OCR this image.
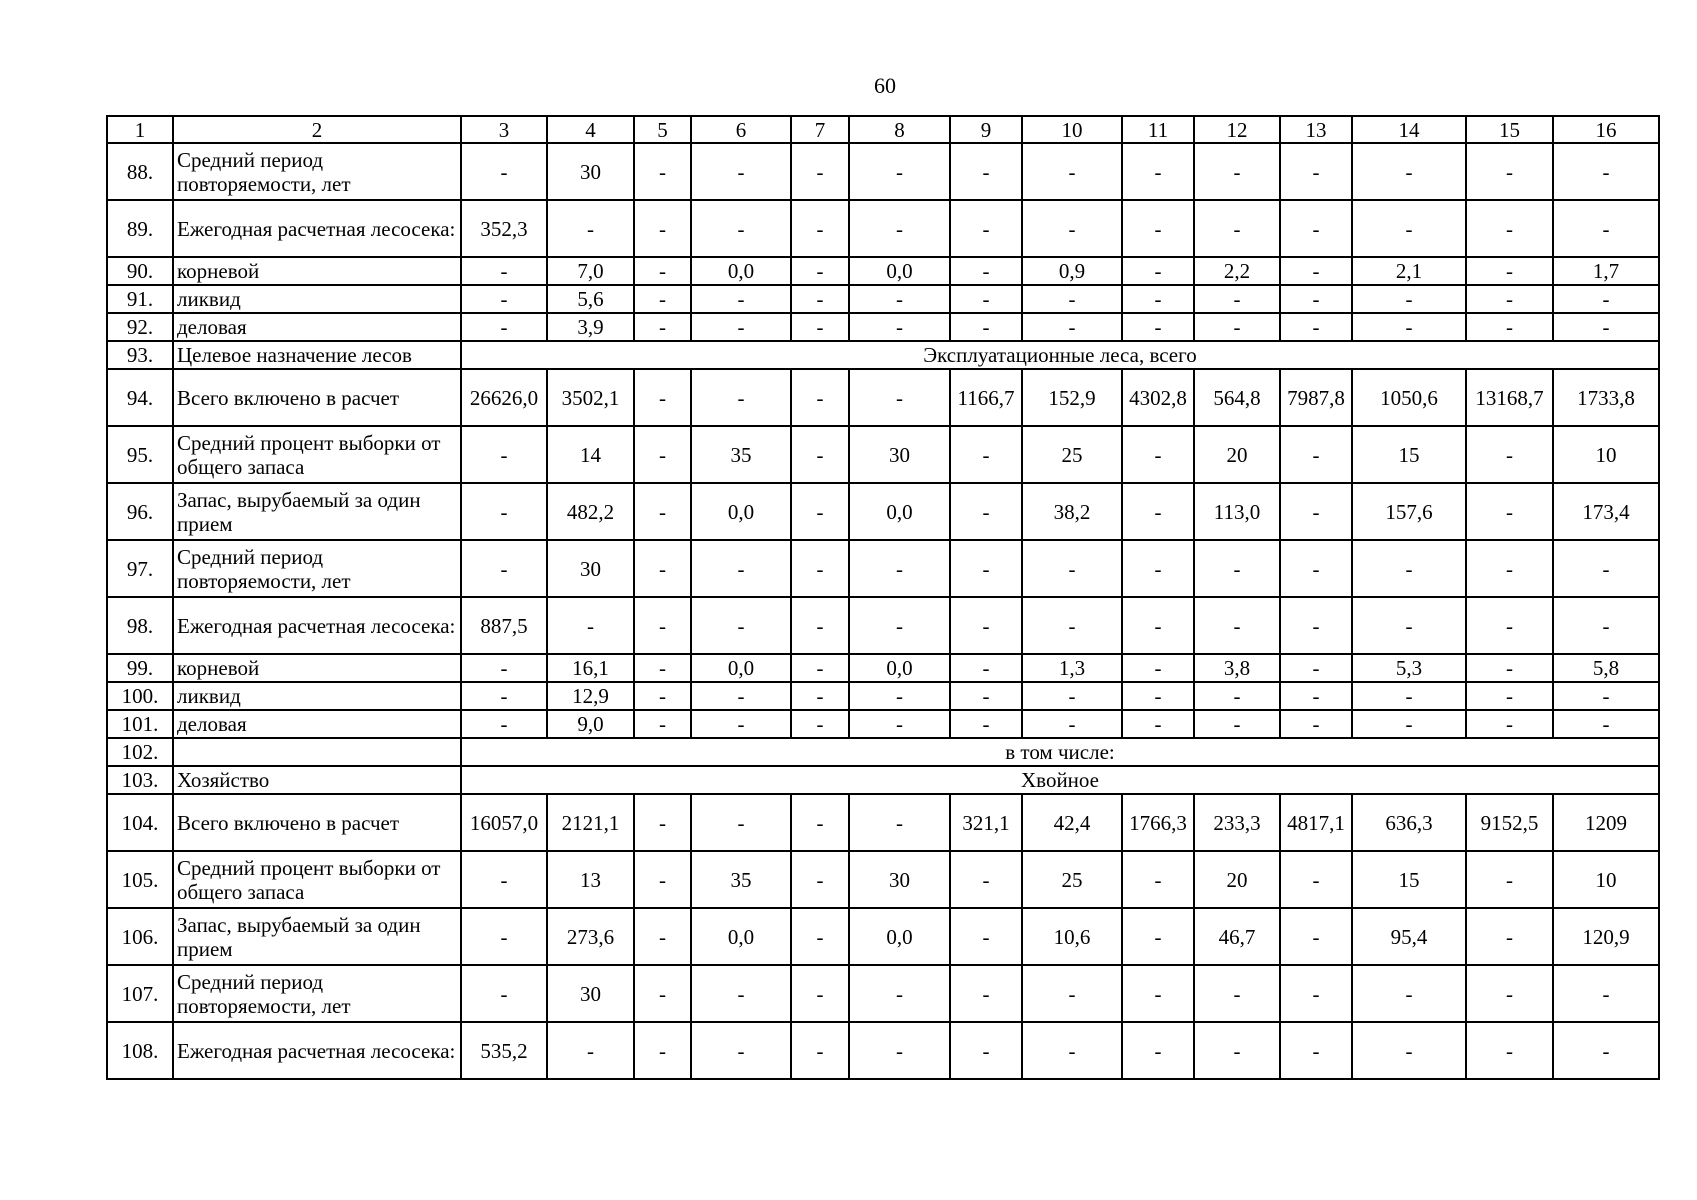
60
1	2	3	4	5	6	7	8	9	10	11	12	13	14	15	16
88.	Средний период повторяемости, лет	-	30	-	-	-	-	-	-	-	-	-	-	-	-
89.	Ежегодная расчетная лесосека:	352,3	-	-	-	-	-	-	-	-	-	-	-	-	-
90.	корневой	-	7,0	-	0,0	-	0,0	-	0,9	-	2,2	-	2,1	-	1,7
91.	ликвид	-	5,6	-	-	-	-	-	-	-	-	-	-	-	-
92.	деловая	-	3,9	-	-	-	-	-	-	-	-	-	-	-	-
93.	Целевое назначение лесов	Эксплуатационные леса, всего													
94.	Всего включено в расчет	26626,0	3502,1	-	-	-	-	1166,7	152,9	4302,8	564,8	7987,8	1050,6	13168,7	1733,8
95.	Средний процент выборки от общего запаса	-	14	-	35	-	30	-	25	-	20	-	15	-	10
96.	Запас, вырубаемый за один прием	-	482,2	-	0,0	-	0,0	-	38,2	-	113,0	-	157,6	-	173,4
97.	Средний период повторяемости, лет	-	30	-	-	-	-	-	-	-	-	-	-	-	-
98.	Ежегодная расчетная лесосека:	887,5	-	-	-	-	-	-	-	-	-	-	-	-	-
99.	корневой	-	16,1	-	0,0	-	0,0	-	1,3	-	3,8	-	5,3	-	5,8
100.	ликвид	-	12,9	-	-	-	-	-	-	-	-	-	-	-	-
101.	деловая	-	9,0	-	-	-	-	-	-	-	-	-	-	-	-
102.		в том числе:													
103.	Хозяйство	Хвойное													
104.	Всего включено в расчет	16057,0	2121,1	-	-	-	-	321,1	42,4	1766,3	233,3	4817,1	636,3	9152,5	1209
105.	Средний процент выборки от общего запаса	-	13	-	35	-	30	-	25	-	20	-	15	-	10
106.	Запас, вырубаемый за один прием	-	273,6	-	0,0	-	0,0	-	10,6	-	46,7	-	95,4	-	120,9
107.	Средний период повторяемости, лет	-	30	-	-	-	-	-	-	-	-	-	-	-	-
108.	Ежегодная расчетная лесосека:	535,2	-	-	-	-	-	-	-	-	-	-	-	-	-
